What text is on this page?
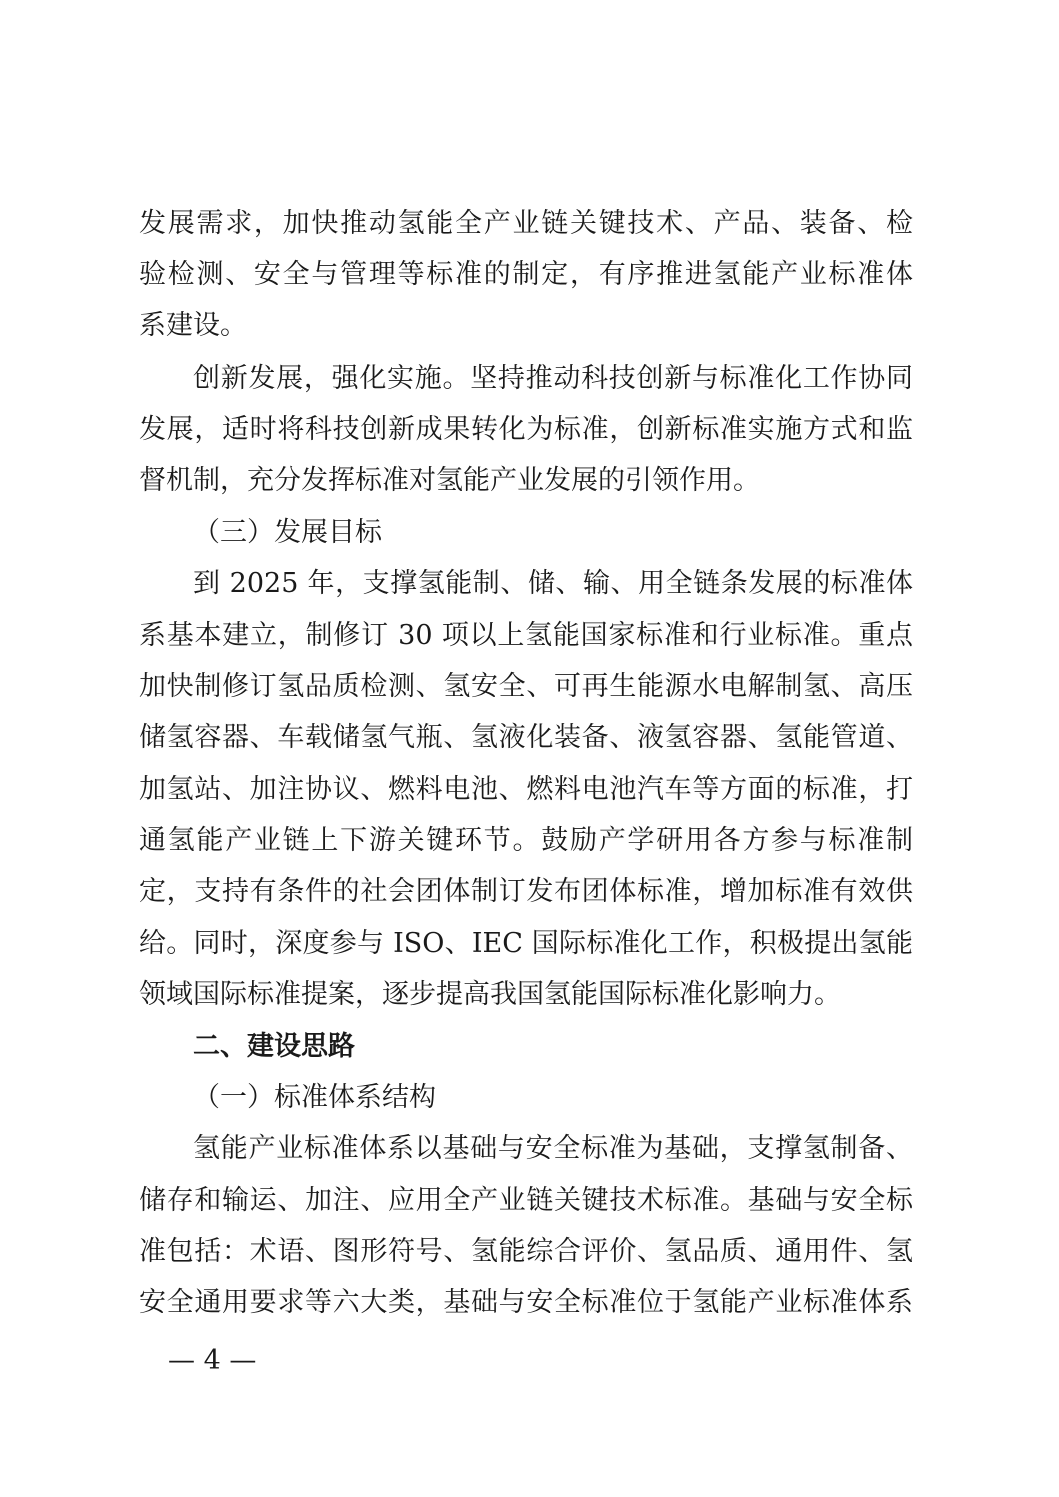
发展需求，加快推动氢能全产业链关键技术、产品、装备、检
验检测、安全与管理等标准的制定，有序推进氢能产业标准体
系建设。
创新发展，强化实施。坚持推动科技创新与标准化工作协同
发展，适时将科技创新成果转化为标准，创新标准实施方式和监
督机制，充分发挥标准对氢能产业发展的引领作用。
（三）发展目标
到 2025 年，支撑氢能制、储、输、用全链条发展的标准体
系基本建立，制修订 30 项以上氢能国家标准和行业标准。重点
加快制修订氢品质检测、氢安全、可再生能源水电解制氢、高压
储氢容器、车载储氢气瓶、氢液化装备、液氢容器、氢能管道、
加氢站、加注协议、燃料电池、燃料电池汽车等方面的标准，打
通氢能产业链上下游关键环节。鼓励产学研用各方参与标准制
定，支持有条件的社会团体制订发布团体标准，增加标准有效供
给。同时，深度参与 ISO、IEC 国际标准化工作，积极提出氢能
领域国际标准提案，逐步提高我国氢能国际标准化影响力。
二、建设思路
（一）标准体系结构
氢能产业标准体系以基础与安全标准为基础，支撑氢制备、
储存和输运、加注、应用全产业链关键技术标准。基础与安全标
准包括：术语、图形符号、氢能综合评价、氢品质、通用件、氢
安全通用要求等六大类，基础与安全标准位于氢能产业标准体系
— 4 —
